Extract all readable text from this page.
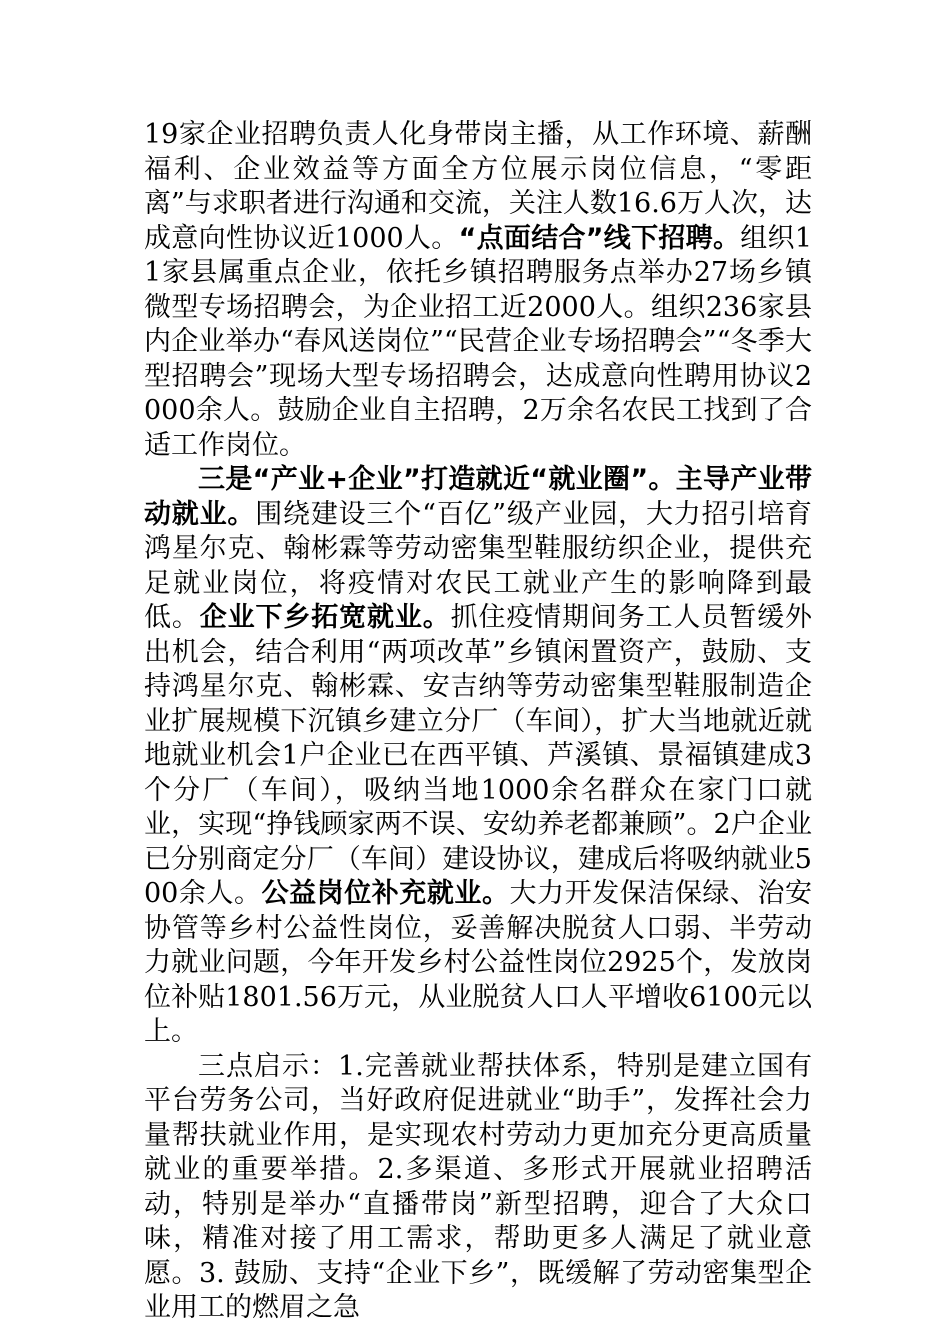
19家企业招聘负责人化身带岗主播，从工作环境、薪酬福利、企业效益等方面全方位展示岗位信息，“零距离”与求职者进行沟通和交流，关注人数16.6万人次，达成意向性协议近1000人。“点面结合”线下招聘。组织11家县属重点企业，依托乡镇招聘服务点举办27场乡镇微型专场招聘会，为企业招工近2000人。组织236家县内企业举办“春风送岗位”“民营企业专场招聘会”“冬季大型招聘会”现场大型专场招聘会，达成意向性聘用协议2000余人。鼓励企业自主招聘，2万余名农民工找到了合适工作岗位。

三是“产业+企业”打造就近“就业圈”。主导产业带动就业。围绕建设三个“百亿”级产业园，大力招引培育鸿星尔克、翰彬霖等劳动密集型鞋服纺织企业，提供充足就业岗位，将疫情对农民工就业产生的影响降到最低。企业下乡拓宽就业。抓住疫情期间务工人员暂缓外出机会，结合利用“两项改革”乡镇闲置资产，鼓励、支持鸿星尔克、翰彬霖、安吉纳等劳动密集型鞋服制造企业扩展规模下沉镇乡建立分厂（车间），扩大当地就近就地就业机会1户企业已在西平镇、芦溪镇、景福镇建成3个分厂（车间），吸纳当地1000余名群众在家门口就业，实现“挣钱顾家两不误、安幼养老都兼顾”。2户企业已分别商定分厂（车间）建设协议，建成后将吸纳就业500余人。公益岗位补充就业。大力开发保洁保绿、治安协管等乡村公益性岗位，妥善解决脱贫人口弱、半劳动力就业问题，今年开发乡村公益性岗位2925个，发放岗位补贴1801.56万元，从业脱贫人口人平增收6100元以上。

三点启示：1.完善就业帮扶体系，特别是建立国有平台劳务公司，当好政府促进就业“助手”，发挥社会力量帮扶就业作用，是实现农村劳动力更加充分更高质量就业的重要举措。2.多渠道、多形式开展就业招聘活动，特别是举办“直播带岗”新型招聘，迎合了大众口味，精准对接了用工需求，帮助更多人满足了就业意愿。3. 鼓励、支持“企业下乡”，既缓解了劳动密集型企业用工的燃眉之急
